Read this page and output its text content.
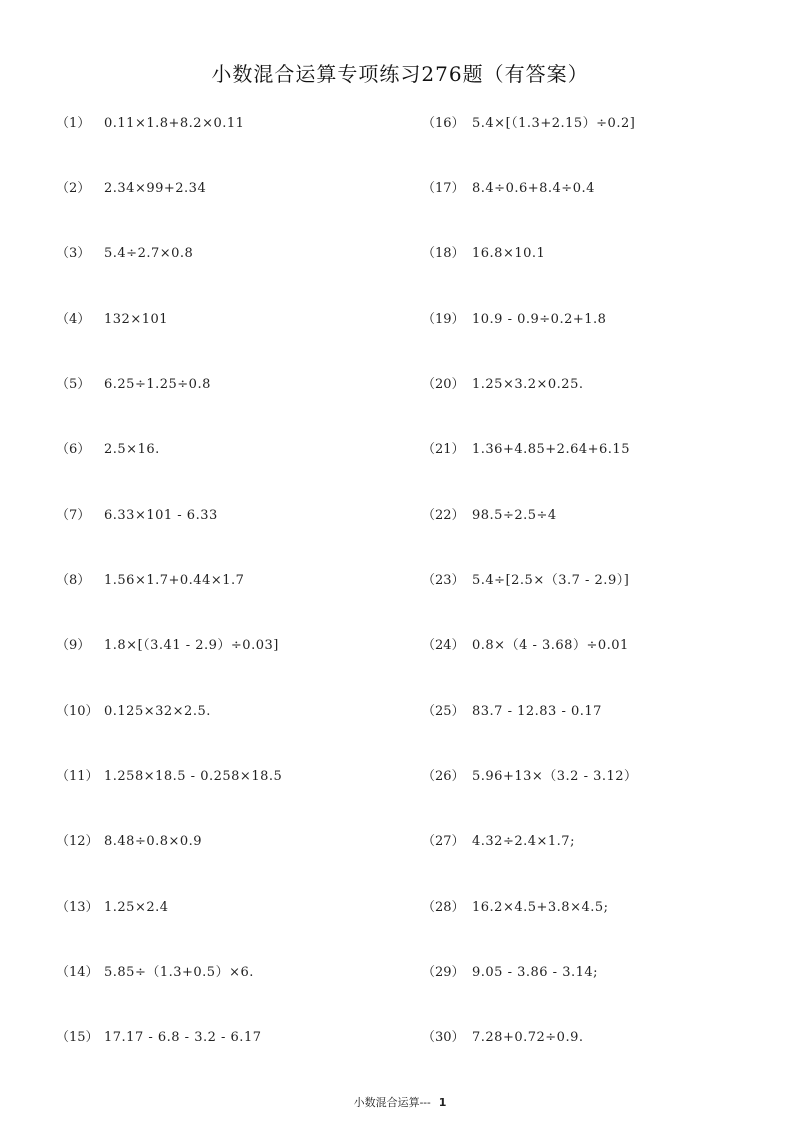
小数混合运算专项练习276题（有答案）
（1） 0.11×1.8+8.2×0.11
（2） 2.34×99+2.34
（3） 5.4÷2.7×0.8
（4） 132×101
（5） 6.25÷1.25÷0.8
（6） 2.5×16.
（7） 6.33×101 - 6.33
（8） 1.56×1.7+0.44×1.7
（9） 1.8×[（3.41 - 2.9）÷0.03]
（10） 0.125×32×2.5.
（11） 1.258×18.5 - 0.258×18.5
（12） 8.48÷0.8×0.9
（13） 1.25×2.4
（14） 5.85÷（1.3+0.5）×6.
（15） 17.17 - 6.8 - 3.2 - 6.17
（16） 5.4×[（1.3+2.15）÷0.2]
（17） 8.4÷0.6+8.4÷0.4
（18） 16.8×10.1
（19） 10.9 - 0.9÷0.2+1.8
（20） 1.25×3.2×0.25.
（21） 1.36+4.85+2.64+6.15
（22） 98.5÷2.5÷4
（23） 5.4÷[2.5×（3.7 - 2.9）]
（24） 0.8×（4 - 3.68）÷0.01
（25） 83.7 - 12.83 - 0.17
（26） 5.96+13×（3.2 - 3.12）
（27） 4.32÷2.4×1.7;
（28） 16.2×4.5+3.8×4.5;
（29） 9.05 - 3.86 - 3.14;
（30） 7.28+0.72÷0.9.
小数混合运算--- 1
